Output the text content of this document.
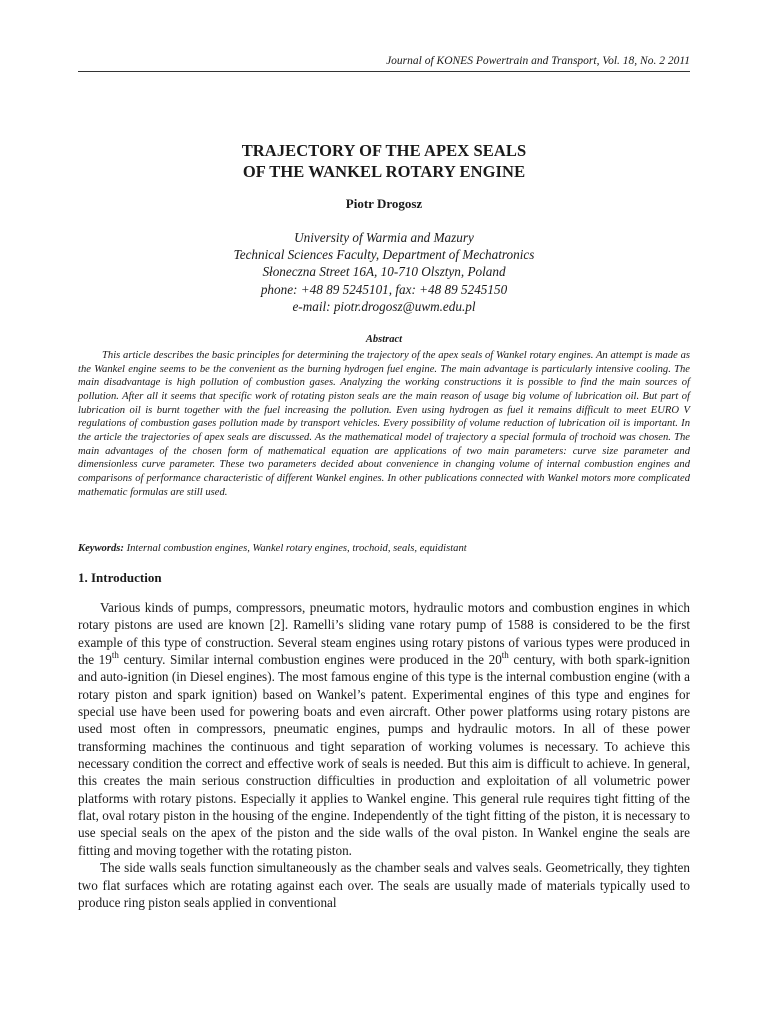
Journal of KONES Powertrain and Transport, Vol. 18, No. 2 2011
TRAJECTORY OF THE APEX SEALS
OF THE WANKEL ROTARY ENGINE
Piotr Drogosz
University of Warmia and Mazury
Technical Sciences Faculty, Department of Mechatronics
Słoneczna Street 16A, 10-710 Olsztyn, Poland
phone: +48 89 5245101, fax: +48 89 5245150
e-mail: piotr.drogosz@uwm.edu.pl
Abstract

This article describes the basic principles for determining the trajectory of the apex seals of Wankel rotary engines. An attempt is made as the Wankel engine seems to be the convenient as the burning hydrogen fuel engine. The main advantage is particularly intensive cooling. The main disadvantage is high pollution of combustion gases. Analyzing the working constructions it is possible to find the main sources of pollution. After all it seems that specific work of rotating piston seals are the main reason of usage big volume of lubrication oil. But part of lubrication oil is burnt together with the fuel increasing the pollution. Even using hydrogen as fuel it remains difficult to meet EURO V regulations of combustion gases pollution made by transport vehicles. Every possibility of volume reduction of lubrication oil is important. In the article the trajectories of apex seals are discussed. As the mathematical model of trajectory a special formula of trochoid was chosen. The main advantages of the chosen form of mathematical equation are applications of two main parameters: curve size parameter and dimensionless curve parameter. These two parameters decided about convenience in changing volume of internal combustion engines and comparisons of performance characteristic of different Wankel engines. In other publications connected with Wankel motors more complicated mathematic formulas are still used.

Keywords: Internal combustion engines, Wankel rotary engines, trochoid, seals, equidistant

1. Introduction

Various kinds of pumps, compressors, pneumatic motors, hydraulic motors and combustion engines in which rotary pistons are used are known [2]. Ramelli’s sliding vane rotary pump of 1588 is considered to be the first example of this type of construction. Several steam engines using rotary pistons of various types were produced in the 19th century. Similar internal combustion engines were produced in the 20th century, with both spark-ignition and auto-ignition (in Diesel engines). The most famous engine of this type is the internal combustion engine (with a rotary piston and spark ignition) based on Wankel’s patent. Experimental engines of this type and engines for special use have been used for powering boats and even aircraft. Other power platforms using rotary pistons are used most often in compressors, pneumatic engines, pumps and hydraulic motors. In all of these power transforming machines the continuous and tight separation of working volumes is necessary. To achieve this necessary condition the correct and effective work of seals is needed. But this aim is difficult to achieve. In general, this creates the main serious construction difficulties in production and exploitation of all volumetric power platforms with rotary pistons. Especially it applies to Wankel engine. This general rule requires tight fitting of the flat, oval rotary piston in the housing of the engine. Independently of the tight fitting of the piston, it is necessary to use special seals on the apex of the piston and the side walls of the oval piston. In Wankel engine the seals are fitting and moving together with the rotating piston.

The side walls seals function simultaneously as the chamber seals and valves seals. Geometrically, they tighten two flat surfaces which are rotating against each over. The seals are usually made of materials typically used to produce ring piston seals applied in conventional
